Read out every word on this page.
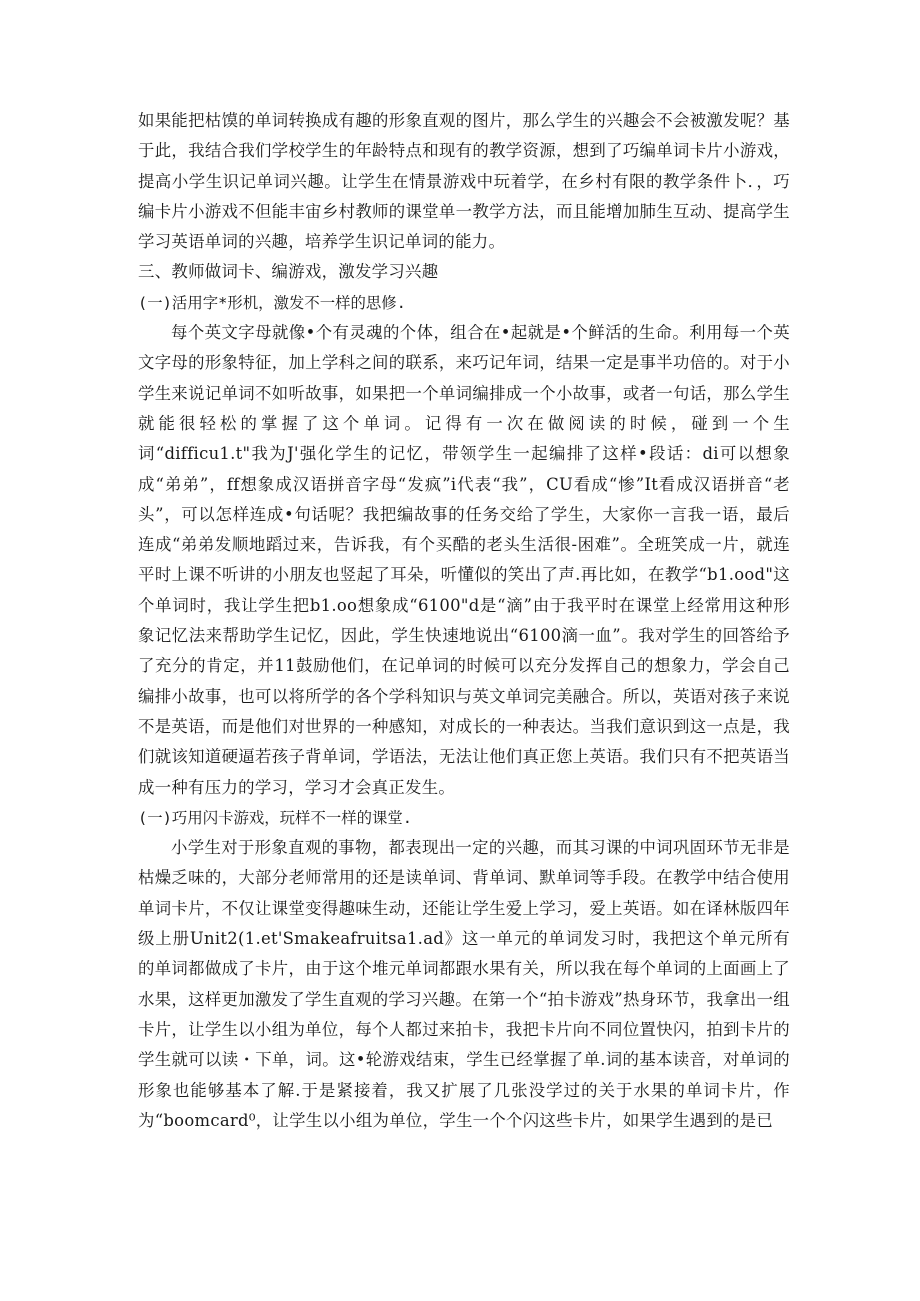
如果能把枯馍的单词转换成有趣的形象直观的图片，那么学生的兴趣会不会被激发呢？基于此，我结合我们学校学生的年龄特点和现有的教学资源，想到了巧编单词卡片小游戏，提高小学生识记单词兴趣。让学生在情景游戏中玩着学，在乡村有限的教学条件卜．，巧编卡片小游戏不但能丰宙乡村教师的课堂单一教学方法，而且能增加肺生互动、提高学生学习英语单词的兴趣，培养学生识记单词的能力。

三、教师做词卡、编游戏，激发学习兴趣

(一)活用字*形机，激发不一样的思修.

每个英文字母就像•个有灵魂的个体，组合在•起就是•个鲜活的生命。利用每一个英文字母的形象特征，加上学科之间的联系，来巧记年词，结果一定是事半功倍的。对于小学生来说记单词不如听故事，如果把一个单词编排成一个小故事，或者一句话，那么学生就能很轻松的掌握了这个单词。记得有一次在做阅读的时候，碰到一个生词“difficu1.t"我为J'强化学生的记忆，带领学生一起编排了这样•段话：di可以想象成“弟弟”，ff想象成汉语拼音字母“发疯”i代表“我”，CU看成“惨”It看成汉语拼音“老头”，可以怎样连成•句话呢？我把编故事的任务交给了学生，大家你一言我一语，最后连成“弟弟发顺地蹈过来，告诉我，有个买酷的老头生活很-困难”。全班笑成一片，就连平时上课不听讲的小朋友也竖起了耳朵，听懂似的笑出了声.再比如，在教学“b1.ood"这个单词时，我让学生把b1.oo想象成“6100"d是“滴”由于我平时在课堂上经常用这种形象记忆法来帮助学生记忆，因此，学生快速地说出“6100滴一血”。我对学生的回答给予了充分的肯定，并11鼓励他们，在记单词的时候可以充分发挥自己的想象力，学会自己编排小故事，也可以将所学的各个学科知识与英文单词完美融合。所以，英语对孩子来说不是英语，而是他们对世界的一种感知，对成长的一种表达。当我们意识到这一点是，我们就该知道硬逼若孩子背单词，学语法，无法让他们真正您上英语。我们只有不把英语当成一种有压力的学习，学习才会真正发生。

(一)巧用闪卡游戏，玩样不一样的课堂.

小学生对于形象直观的事物，都表现出一定的兴趣，而其习课的中词巩固环节无非是枯燥乏味的，大部分老师常用的还是读单词、背单词、默单词等手段。在教学中结合使用单词卡片，不仅让课堂变得趣味生动，还能让学生爱上学习，爱上英语。如在译林版四年级上册Unit2(1.et'Smakeafruitsa1.ad》这一单元的单词发习时，我把这个单元所有的单词都做成了卡片，由于这个堆元单词都跟水果有关，所以我在每个单词的上面画上了水果，这样更加激发了学生直观的学习兴趣。在第一个“拍卡游戏”热身环节，我拿出一组卡片，让学生以小组为单位，每个人都过来拍卡，我把卡片向不同位置快闪，拍到卡片的学生就可以读・下单，词。这•轮游戏结束，学生已经掌握了单.词的基本读音，对单词的形象也能够基本了解.于是紧接着，我又扩展了几张没学过的关于水果的单词卡片，作为“boomcard⁰，让学生以小组为单位，学生一个个闪这些卡片，如果学生遇到的是已
